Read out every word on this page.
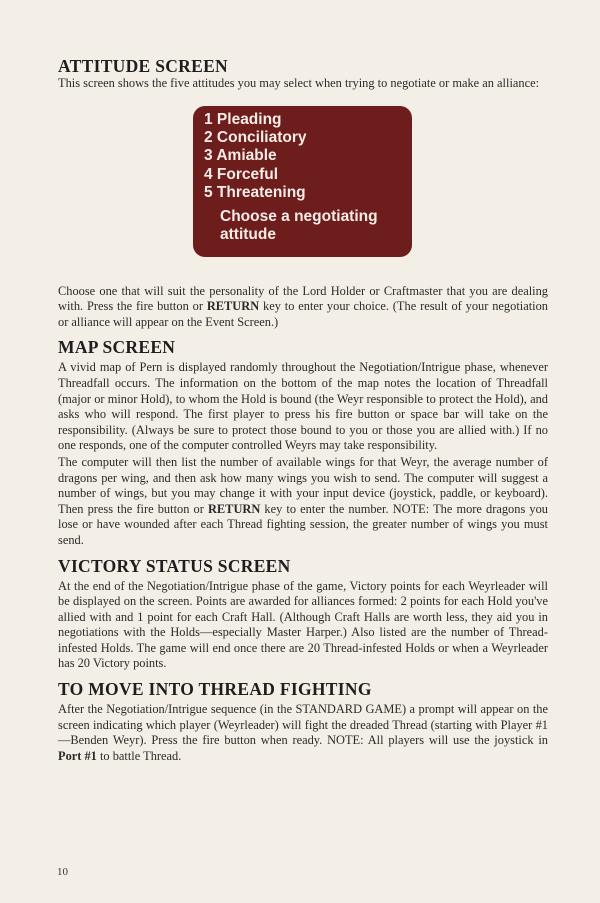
ATTITUDE SCREEN

This screen shows the five attitudes you may select when trying to negotiate or make an alliance:

1 Pleading
2 Conciliatory
3 Amiable
4 Forceful
5 Threatening
Choose a negotiating
attitude

Choose one that will suit the personality of the Lord Holder or Craftmaster that you are dealing with. Press the fire button or RETURN key to enter your choice. (The result of your negotiation or alliance will appear on the Event Screen.)

MAP SCREEN

A vivid map of Pern is displayed randomly throughout the Negotiation/Intrigue phase, whenever Threadfall occurs. The information on the bottom of the map notes the location of Threadfall (major or minor Hold), to whom the Hold is bound (the Weyr responsible to protect the Hold), and asks who will respond. The first player to press his fire button or space bar will take on the responsibility. (Always be sure to protect those bound to you or those you are allied with.) If no one responds, one of the computer controlled Weyrs may take responsibility.

The computer will then list the number of available wings for that Weyr, the average number of dragons per wing, and then ask how many wings you wish to send. The computer will suggest a number of wings, but you may change it with your input device (joystick, paddle, or keyboard). Then press the fire button or RETURN key to enter the number. NOTE: The more dragons you lose or have wounded after each Thread fighting session, the greater number of wings you must send.

VICTORY STATUS SCREEN

At the end of the Negotiation/Intrigue phase of the game, Victory points for each Weyrleader will be displayed on the screen. Points are awarded for alliances formed: 2 points for each Hold you've allied with and 1 point for each Craft Hall. (Although Craft Halls are worth less, they aid you in negotiations with the Holds—especially Master Harper.) Also listed are the number of Thread-infested Holds. The game will end once there are 20 Thread-infested Holds or when a Weyrleader has 20 Victory points.

TO MOVE INTO THREAD FIGHTING

After the Negotiation/Intrigue sequence (in the STANDARD GAME) a prompt will appear on the screen indicating which player (Weyrleader) will fight the dreaded Thread (starting with Player #1—Benden Weyr). Press the fire button when ready. NOTE: All players will use the joystick in Port #1 to battle Thread.

10
